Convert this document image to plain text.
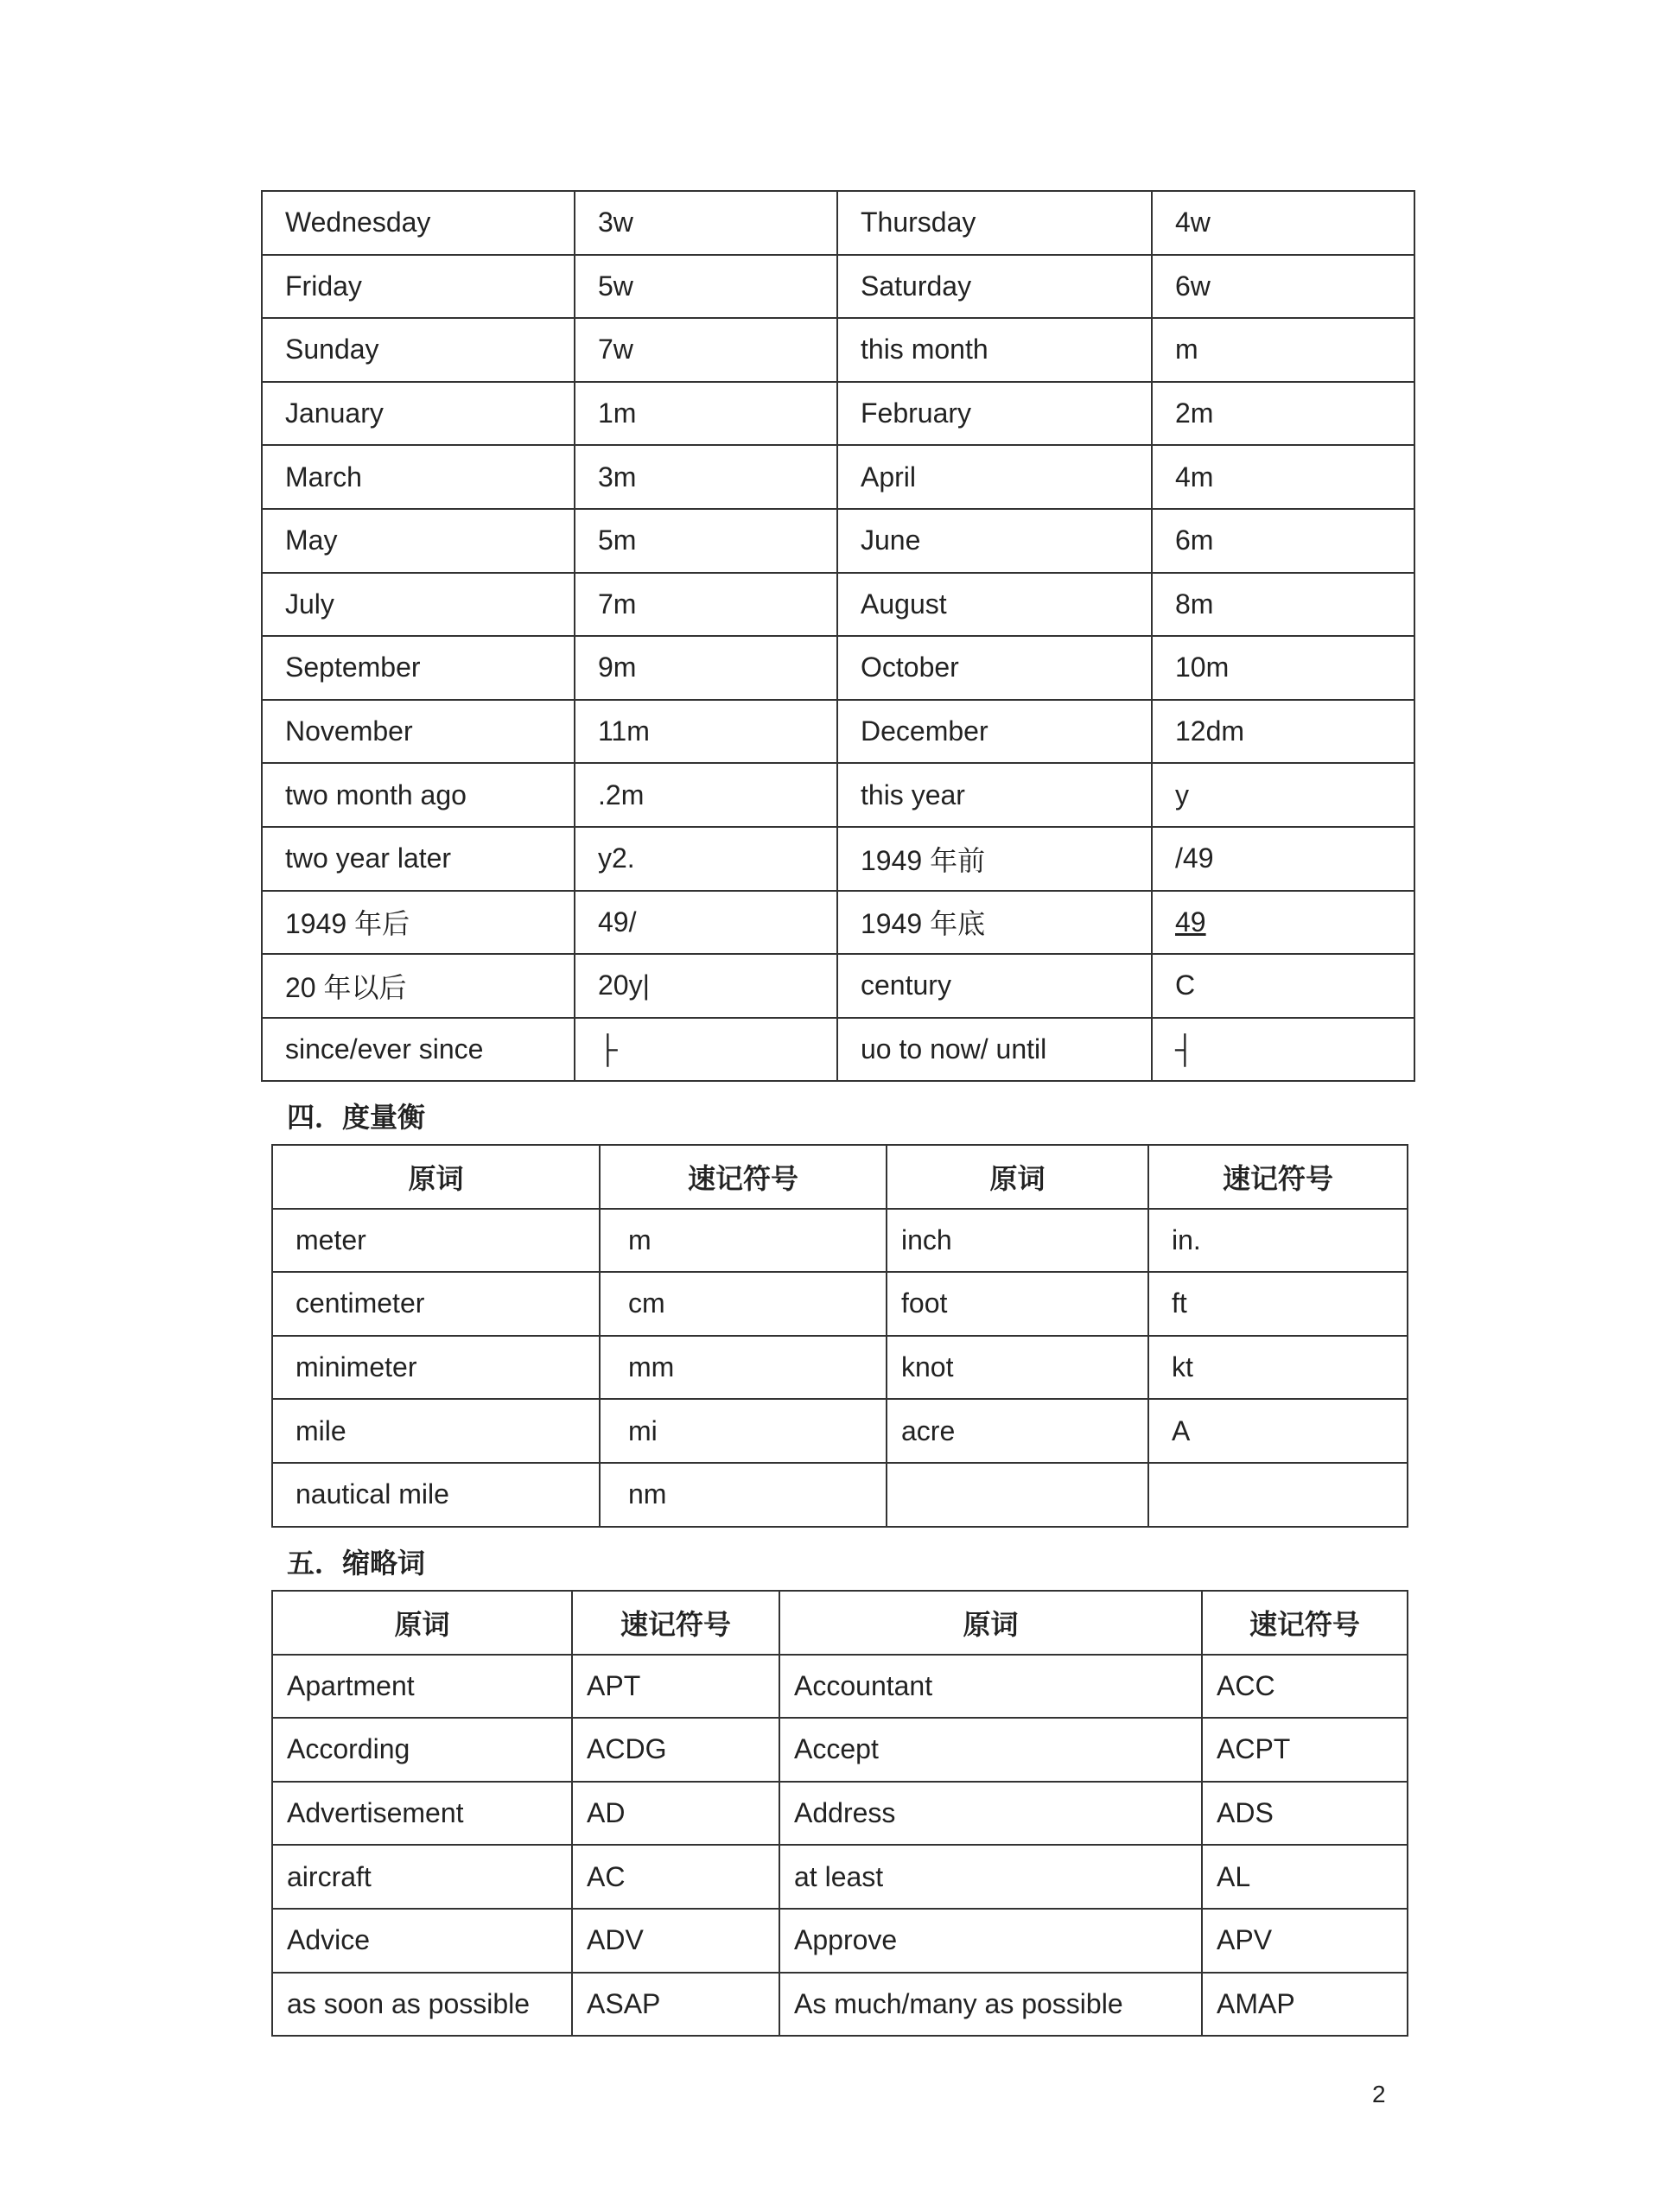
Wednesday	3w	Thursday	4w
Friday	5w	Saturday	6w
Sunday	7w	this month	m
January	1m	February	2m
March	3m	April	4m
May	5m	June	6m
July	7m	August	8m
September	9m	October	10m
November	11m	December	12dm
two month ago	.2m	this year	y
two year later	y2.	1949 年前	/49
1949 年后	49/	1949 年底	49
20 年以后	20y|	century	C
since/ever since	├	uo to now/ until	┤
四．度量衡
原词	速记符号	原词	速记符号
meter	m	inch	in.
centimeter	cm	foot	ft
minimeter	mm	knot	kt
mile	mi	acre	A
nautical mile	nm		
五．缩略词
原词	速记符号	原词	速记符号
Apartment	APT	Accountant	ACC
According	ACDG	Accept	ACPT
Advertisement	AD	Address	ADS
aircraft	AC	at least	AL
Advice	ADV	Approve	APV
as soon as possible	ASAP	As much/many as possible	AMAP
2
